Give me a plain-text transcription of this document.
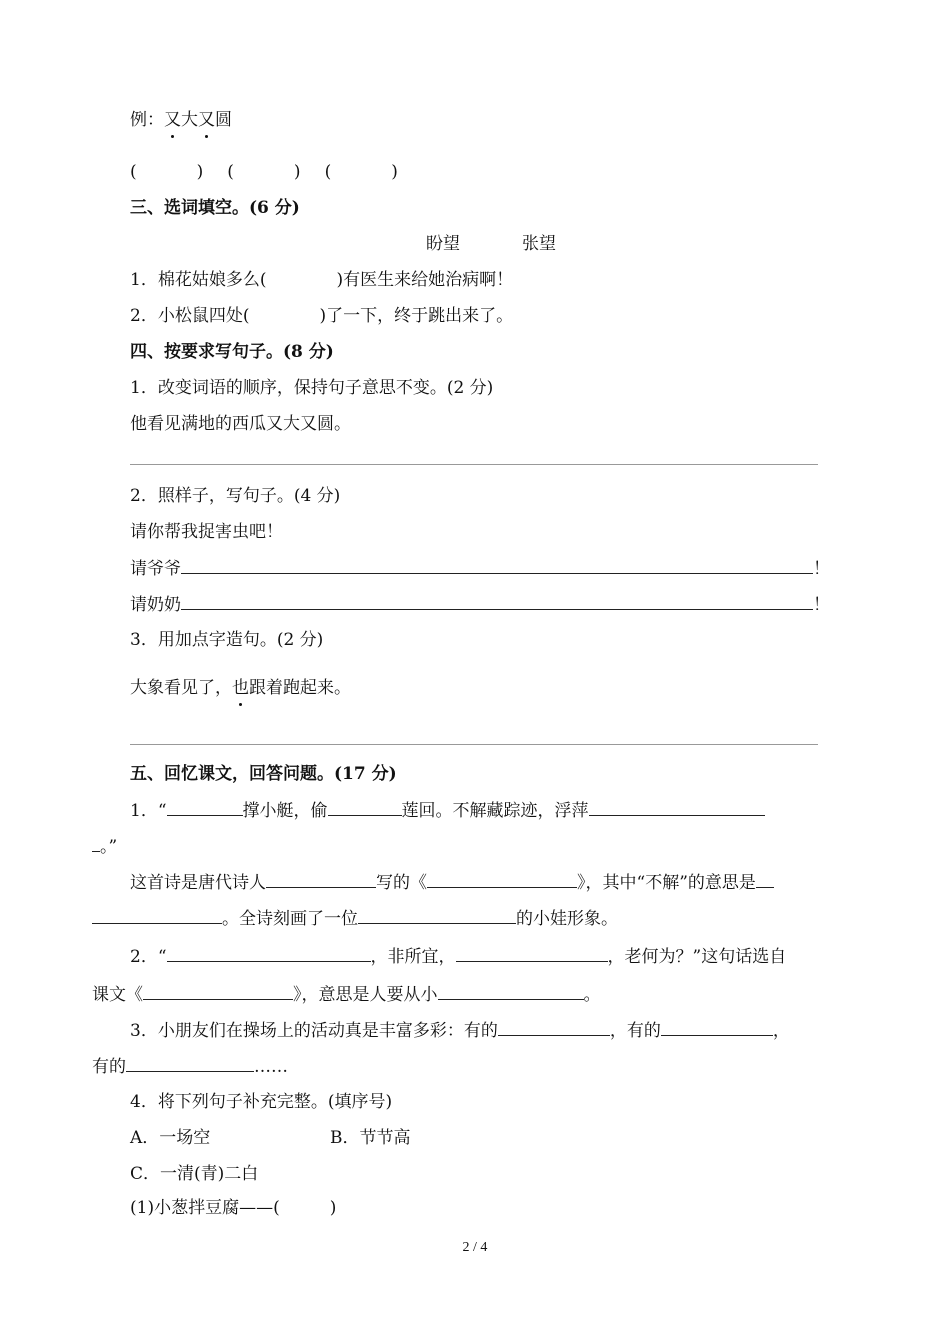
例：又大又圆
(	) (	) (	)
三、选词填空。(6 分)
盼望	张望
1．棉花姑娘多么(	)有医生来给她治病啊！
2．小松鼠四处(	)了一下，终于跳出来了。
四、按要求写句子。(8 分)
1．改变词语的顺序，保持句子意思不变。(2 分)
他看见满地的西瓜又大又圆。
2．照样子，写句子。(4 分)
请你帮我捉害虫吧！
请爷爷	！
请奶奶	！
3．用加点字造句。(2 分)
大象看见了，也跟着跑起来。
五、回忆课文，回答问题。(17 分)
1．“	撑小艇，偷	莲回。不解藏踪迹，浮萍
。”
这首诗是唐代诗人	写的《	》，其中“不解”的意思是
。全诗刻画了一位	的小娃形象。
2．“	，非所宜，	，老何为？”这句话选自
课文《	》，意思是人要从小	。
3．小朋友们在操场上的活动真是丰富多彩：有的	，有的	，
有的	……
4．将下列句子补充完整。(填序号)
A．一场空	B．节节高
C．一清(青)二白
(1)小葱拌豆腐——(	)
2 / 4
